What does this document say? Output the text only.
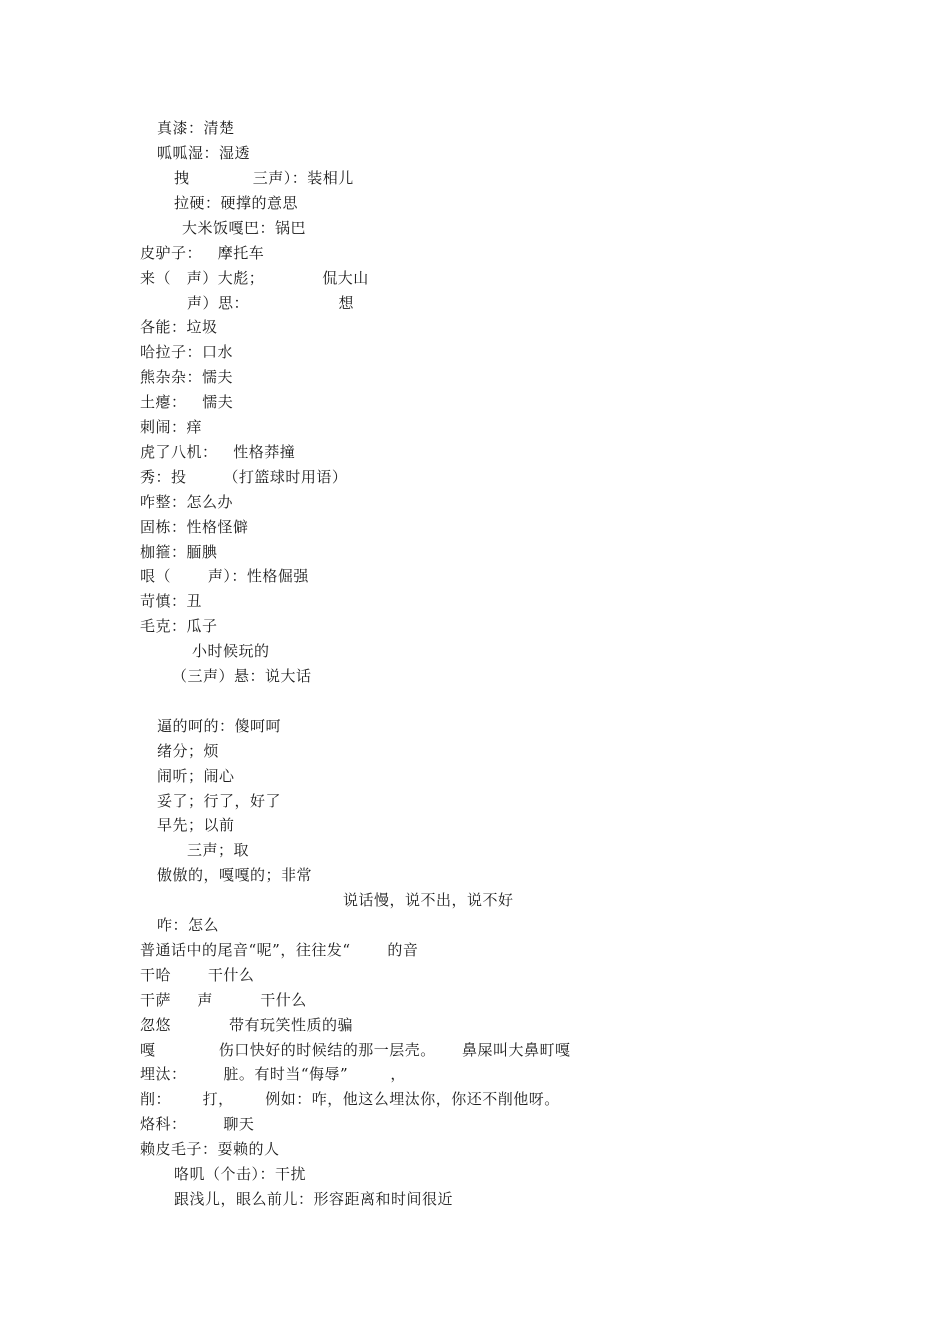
真漆：清楚
呱呱湿：湿透
拽            三声）：装相儿
拉硬：硬撑的意思
大米饭嘎巴：锅巴
皮驴子：   摩托车
来（   声）大彪；           侃大山
声）思：                 想
各能：垃圾
哈拉子：口水
熊杂杂：懦夫
土瘪：   懦夫
刺闹：痒
虎了八机：   性格莽撞
秀：投       （打篮球时用语）
咋整：怎么办
固栋：性格怪僻
枷箍：腼腆
哏（       声）：性格倔强
苛慎：丑
毛克：瓜子
小时候玩的
（三声）悬：说大话
逼的呵的：傻呵呵
绪分；烦
闹听；闹心
妥了；行了，好了
早先；以前
三声；取
傲傲的，嘎嘎的；非常
说话慢，说不出，说不好
咋：怎么
普通话中的尾音“呢”，往往发“       的音
干哈       干什么
干萨     声         干什么
忽悠           带有玩笑性质的骗
嘎            伤口快好的时候结的那一层壳。     鼻屎叫大鼻町嘎
埋汰：       脏。有时当“侮辱”        ，
削：      打，      例如：咋，他这么埋汰你，你还不削他呀。
烙科：       聊天
赖皮毛子：耍赖的人
咯叽（个击）：干扰
跟浅儿，眼么前儿：形容距离和时间很近
